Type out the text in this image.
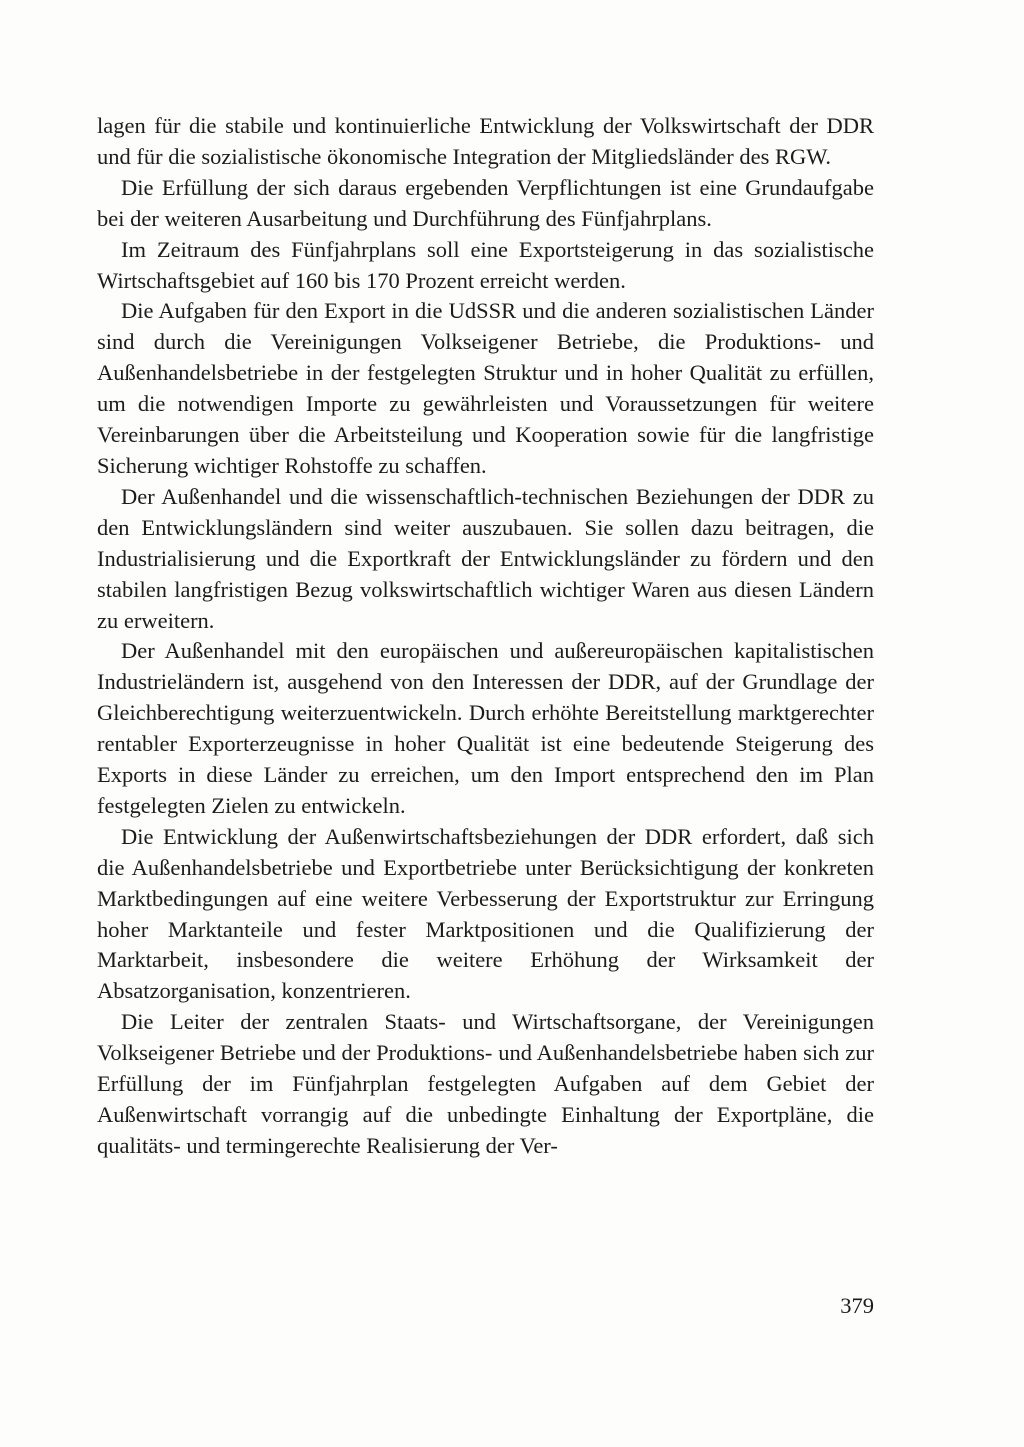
lagen für die stabile und kontinuierliche Entwicklung der Volkswirtschaft der DDR und für die sozialistische ökonomische Integration der Mitgliedsländer des RGW.

Die Erfüllung der sich daraus ergebenden Verpflichtungen ist eine Grundaufgabe bei der weiteren Ausarbeitung und Durchführung des Fünfjahrplans.

Im Zeitraum des Fünfjahrplans soll eine Exportsteigerung in das sozialistische Wirtschaftsgebiet auf 160 bis 170 Prozent erreicht werden.

Die Aufgaben für den Export in die UdSSR und die anderen sozialistischen Länder sind durch die Vereinigungen Volkseigener Betriebe, die Produktions- und Außenhandelsbetriebe in der festgelegten Struktur und in hoher Qualität zu erfüllen, um die notwendigen Importe zu gewährleisten und Voraussetzungen für weitere Vereinbarungen über die Arbeitsteilung und Kooperation sowie für die langfristige Sicherung wichtiger Rohstoffe zu schaffen.

Der Außenhandel und die wissenschaftlich-technischen Beziehungen der DDR zu den Entwicklungsländern sind weiter auszubauen. Sie sollen dazu beitragen, die Industrialisierung und die Exportkraft der Entwicklungsländer zu fördern und den stabilen langfristigen Bezug volkswirtschaftlich wichtiger Waren aus diesen Ländern zu erweitern.

Der Außenhandel mit den europäischen und außereuropäischen kapitalistischen Industrieländern ist, ausgehend von den Interessen der DDR, auf der Grundlage der Gleichberechtigung weiterzuentwickeln. Durch erhöhte Bereitstellung marktgerechter rentabler Exporterzeugnisse in hoher Qualität ist eine bedeutende Steigerung des Exports in diese Länder zu erreichen, um den Import entsprechend den im Plan festgelegten Zielen zu entwickeln.

Die Entwicklung der Außenwirtschaftsbeziehungen der DDR erfordert, daß sich die Außenhandelsbetriebe und Exportbetriebe unter Berücksichtigung der konkreten Marktbedingungen auf eine weitere Verbesserung der Exportstruktur zur Erringung hoher Marktanteile und fester Marktpositionen und die Qualifizierung der Marktarbeit, insbesondere die weitere Erhöhung der Wirksamkeit der Absatzorganisation, konzentrieren.

Die Leiter der zentralen Staats- und Wirtschaftsorgane, der Vereinigungen Volkseigener Betriebe und der Produktions- und Außenhandelsbetriebe haben sich zur Erfüllung der im Fünfjahrplan festgelegten Aufgaben auf dem Gebiet der Außenwirtschaft vorrangig auf die unbedingte Einhaltung der Exportpläne, die qualitäts- und termingerechte Realisierung der Ver-

379
